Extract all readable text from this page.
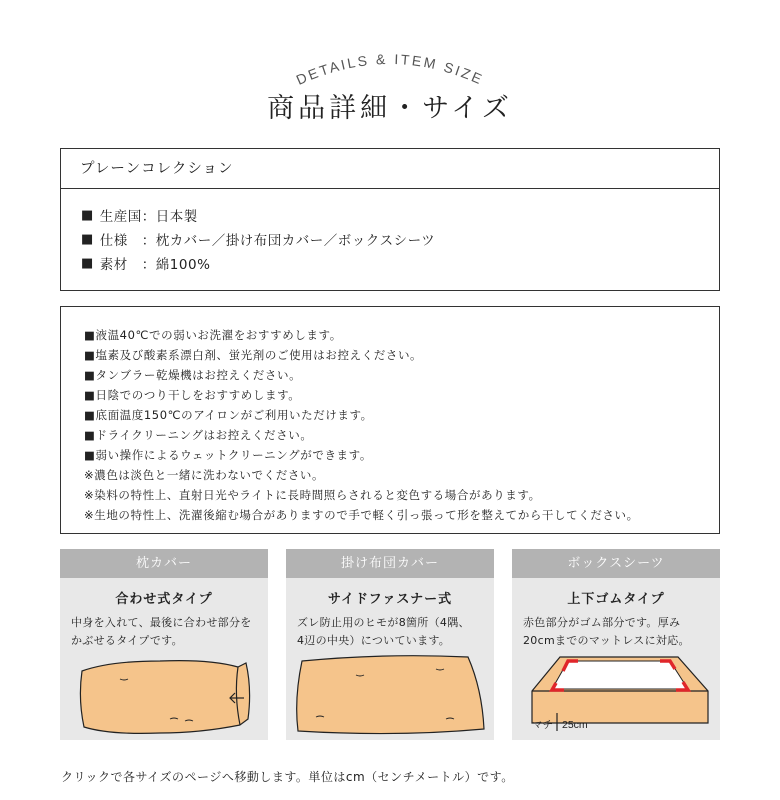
DETAILS & ITEM SIZE
商品詳細・サイズ
プレーンコレクション
■ 生産国 ： 日本製
■ 仕様	： 枕カバー／掛け布団カバー／ボックスシーツ
■ 素材	： 綿100%
■液温40℃での弱いお洗濯をおすすめします。
■塩素及び酸素系漂白剤、蛍光剤のご使用はお控えください。
■タンブラー乾燥機はお控えください。
■日陰でのつり干しをおすすめします。
■底面温度150℃のアイロンがご利用いただけます。
■ドライクリーニングはお控えください。
■弱い操作によるウェットクリーニングができます。
※濃色は淡色と一緒に洗わないでください。
※染料の特性上、直射日光やライトに長時間照らされると変色する場合があります。
※生地の特性上、洗濯後縮む場合がありますので手で軽く引っ張って形を整えてから干してください。
枕カバー
合わせ式タイプ
中身を入れて、最後に合わせ部分を
かぶせるタイプです。
掛け布団カバー
サイドファスナー式
ズレ防止用のヒモが8箇所（4隅、
4辺の中央）についています。
ボックスシーツ
上下ゴムタイプ
赤色部分がゴム部分です。厚み
20cmまでのマットレスに対応。
マチ 25cm
クリックで各サイズのページへ移動します。単位はcm（センチメートル）です。
